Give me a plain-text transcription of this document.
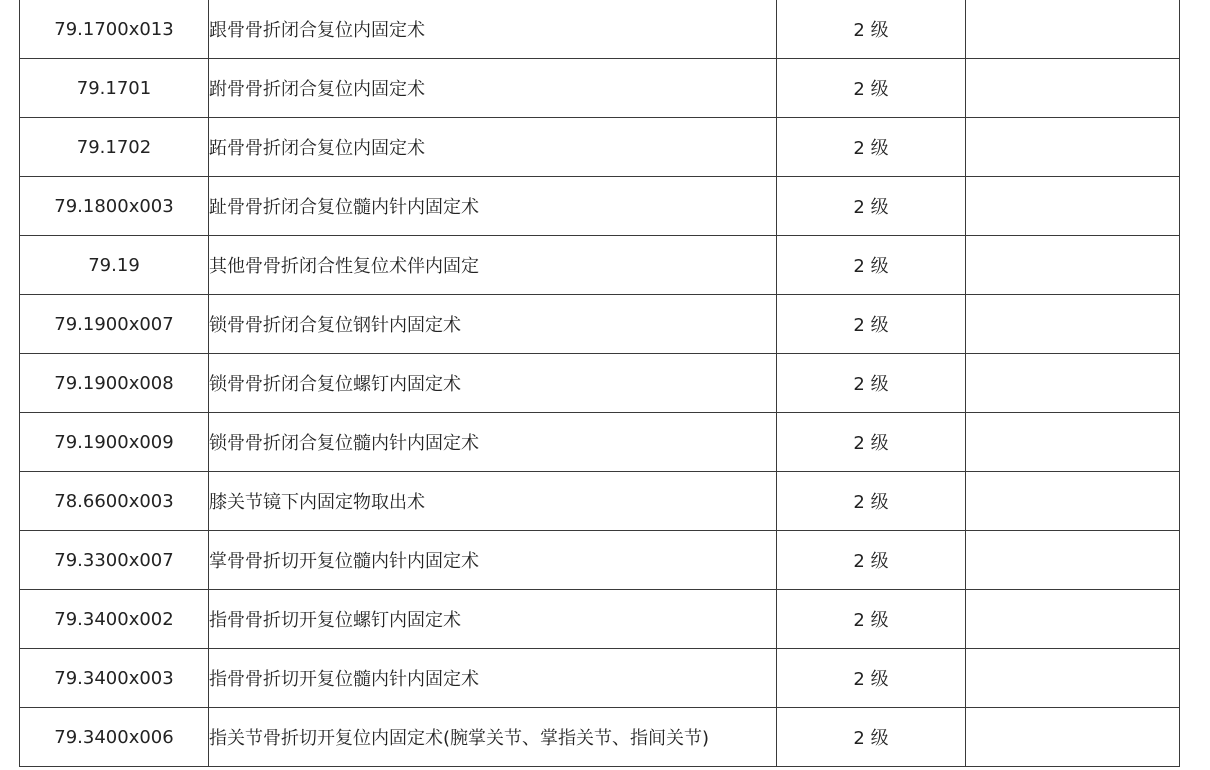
79.1700x013	跟骨骨折闭合复位内固定术	2 级	
79.1701	跗骨骨折闭合复位内固定术	2 级	
79.1702	跖骨骨折闭合复位内固定术	2 级	
79.1800x003	趾骨骨折闭合复位髓内针内固定术	2 级	
79.19	其他骨骨折闭合性复位术伴内固定	2 级	
79.1900x007	锁骨骨折闭合复位钢针内固定术	2 级	
79.1900x008	锁骨骨折闭合复位螺钉内固定术	2 级	
79.1900x009	锁骨骨折闭合复位髓内针内固定术	2 级	
78.6600x003	膝关节镜下内固定物取出术	2 级	
79.3300x007	掌骨骨折切开复位髓内针内固定术	2 级	
79.3400x002	指骨骨折切开复位螺钉内固定术	2 级	
79.3400x003	指骨骨折切开复位髓内针内固定术	2 级	
79.3400x006	指关节骨折切开复位内固定术(腕掌关节、掌指关节、指间关节)	2 级	
